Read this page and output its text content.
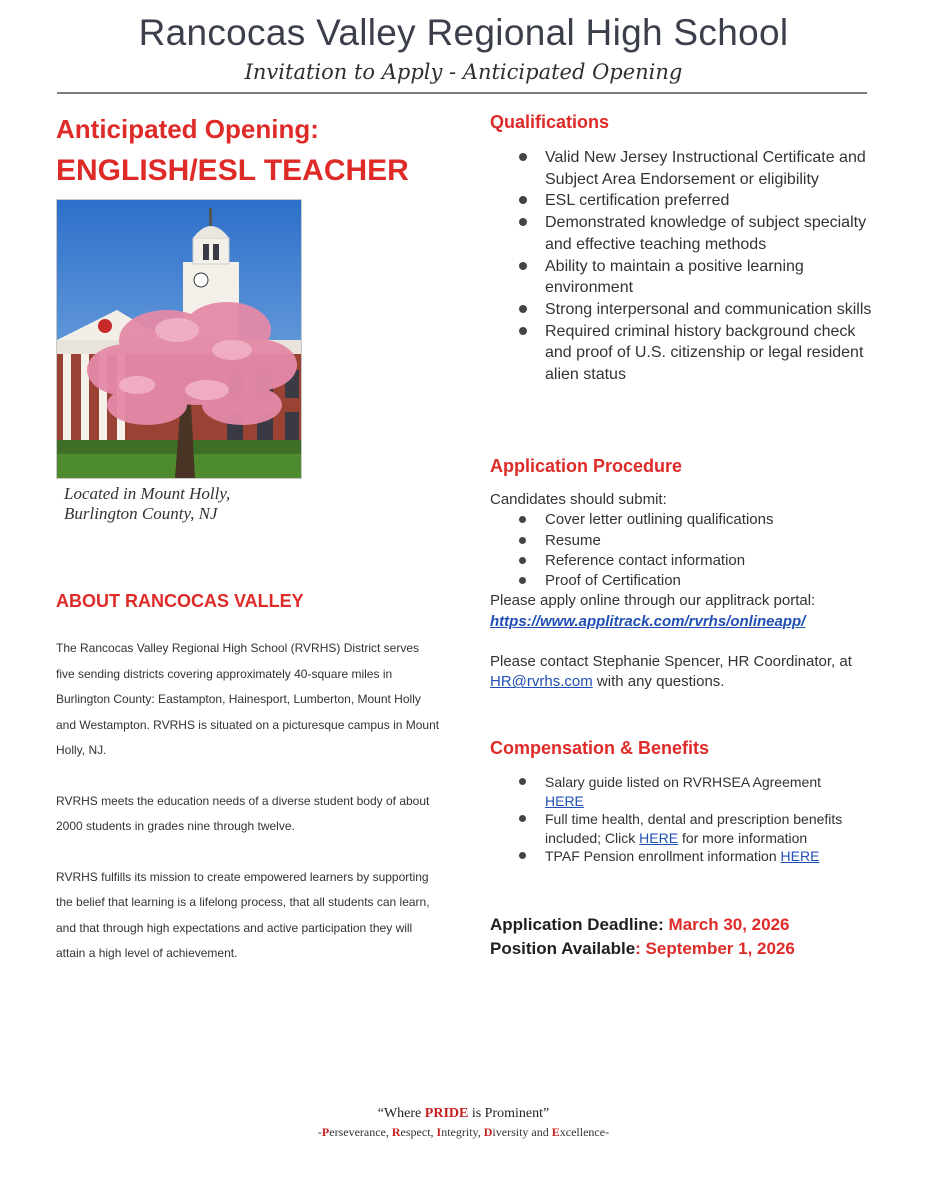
Rancocas Valley Regional High School
Invitation to Apply - Anticipated Opening
Anticipated Opening:
ENGLISH/ESL TEACHER
Located in Mount Holly,
Burlington County, NJ
ABOUT RANCOCAS VALLEY

The Rancocas Valley Regional High School (RVRHS) District serves five sending districts covering approximately 40-square miles in Burlington County: Eastampton, Hainesport, Lumberton, Mount Holly and Westampton. RVRHS is situated on a picturesque campus in Mount Holly, NJ.

RVRHS meets the education needs of a diverse student body of about 2000 students in grades nine through twelve.

RVRHS fulfills its mission to create empowered learners by supporting the belief that learning is a lifelong process, that all students can learn, and that through high expectations and active participation they will attain a high level of achievement.

Qualifications
Valid New Jersey Instructional Certificate and Subject Area Endorsement or eligibility
ESL certification preferred
Demonstrated knowledge of subject specialty and effective teaching methods
Ability to maintain a positive learning environment
Strong interpersonal and communication skills
Required criminal history background check and proof of U.S. citizenship or legal resident alien status
Application Procedure
Candidates should submit:
Cover letter outlining qualifications
Resume
Reference contact information
Proof of Certification
Please apply online through our applitrack portal:
https://www.applitrack.com/rvrhs/onlineapp/
Please contact Stephanie Spencer, HR Coordinator, at HR@rvrhs.com with any questions.
Compensation & Benefits
Salary guide listed on RVRHSEA Agreement
HERE
Full time health, dental and prescription benefits included; Click HERE for more information
TPAF Pension enrollment information HERE
Application Deadline: March 30, 2026
Position Available: September 1, 2026
“Where PRIDE is Prominent”
-Perseverance, Respect, Integrity, Diversity and Excellence-
